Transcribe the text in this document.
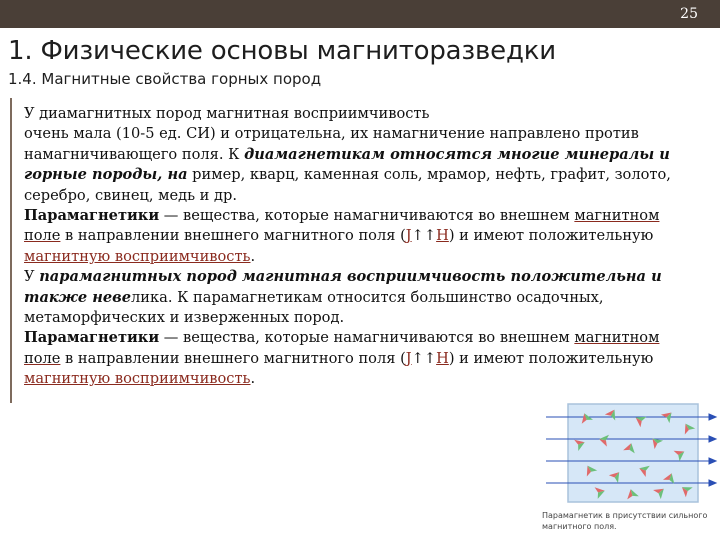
25
1. Физические основы магниторазведки
1.4. Магнитные свойства горных пород

У диамагнитных пород магнитная восприимчивость
очень мала (10-5 ед. СИ) и отрицательна, их намагничение направлено против намагничивающего поля. К диамагнетикам относятся многие минералы и горные породы, на ример, кварц, каменная соль, мрамор, нефть, графит, золото, серебро, свинец, медь и др.

Парамагнетики — вещества, которые намагничиваются во внешнем магнитном поле в направлении внешнего магнитного поля (J↑↑H) и имеют положительную магнитную восприимчивость.

У парамагнитных пород магнитная восприимчивость положительна и также невелика. К парамагнетикам относится большинство осадочных, метаморфических и изверженных пород.

Парамагнетики — вещества, которые намагничиваются во внешнем магнитном поле в направлении внешнего магнитного поля (J↑↑H) и имеют положительную магнитную восприимчивость.

Парамагнетик в присутствии сильного магнитного поля.
